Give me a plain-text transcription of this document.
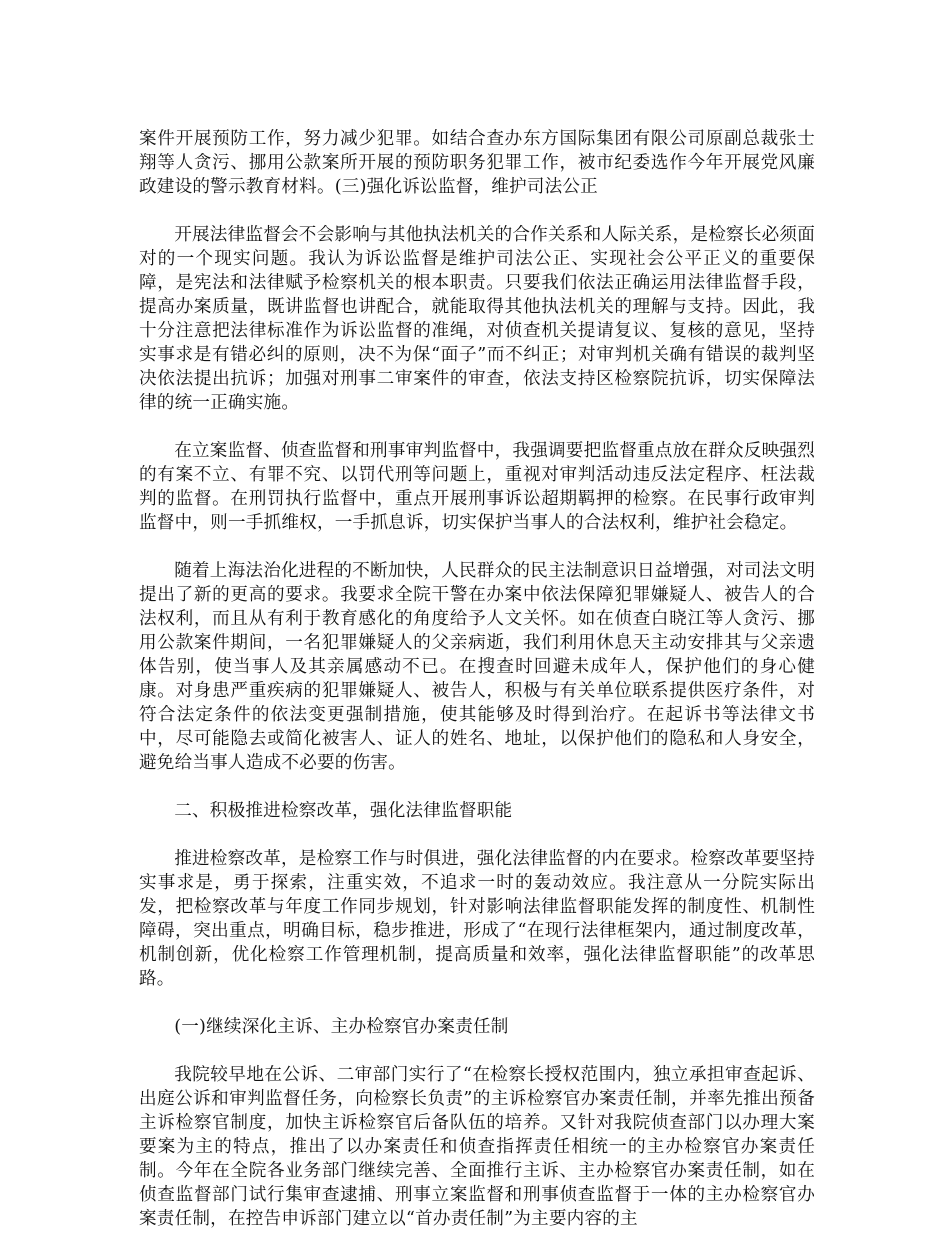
案件开展预防工作，努力减少犯罪。如结合查办东方国际集团有限公司原副总裁张士翔等人贪污、挪用公款案所开展的预防职务犯罪工作，被市纪委选作今年开展党风廉政建设的警示教育材料。(三)强化诉讼监督，维护司法公正

开展法律监督会不会影响与其他执法机关的合作关系和人际关系，是检察长必须面对的一个现实问题。我认为诉讼监督是维护司法公正、实现社会公平正义的重要保障，是宪法和法律赋予检察机关的根本职责。只要我们依法正确运用法律监督手段，提高办案质量，既讲监督也讲配合，就能取得其他执法机关的理解与支持。因此，我十分注意把法律标准作为诉讼监督的准绳，对侦查机关提请复议、复核的意见，坚持实事求是有错必纠的原则，决不为保“面子”而不纠正；对审判机关确有错误的裁判坚决依法提出抗诉；加强对刑事二审案件的审查，依法支持区检察院抗诉，切实保障法律的统一正确实施。

在立案监督、侦查监督和刑事审判监督中，我强调要把监督重点放在群众反映强烈的有案不立、有罪不究、以罚代刑等问题上，重视对审判活动违反法定程序、枉法裁判的监督。在刑罚执行监督中，重点开展刑事诉讼超期羁押的检察。在民事行政审判监督中，则一手抓维权，一手抓息诉，切实保护当事人的合法权利，维护社会稳定。

随着上海法治化进程的不断加快，人民群众的民主法制意识日益增强，对司法文明提出了新的更高的要求。我要求全院干警在办案中依法保障犯罪嫌疑人、被告人的合法权利，而且从有利于教育感化的角度给予人文关怀。如在侦查白晓江等人贪污、挪用公款案件期间，一名犯罪嫌疑人的父亲病逝，我们利用休息天主动安排其与父亲遗体告别，使当事人及其亲属感动不已。在搜查时回避未成年人，保护他们的身心健康。对身患严重疾病的犯罪嫌疑人、被告人，积极与有关单位联系提供医疗条件，对符合法定条件的依法变更强制措施，使其能够及时得到治疗。在起诉书等法律文书中，尽可能隐去或简化被害人、证人的姓名、地址，以保护他们的隐私和人身安全，避免给当事人造成不必要的伤害。

二、积极推进检察改革，强化法律监督职能

推进检察改革，是检察工作与时俱进，强化法律监督的内在要求。检察改革要坚持实事求是，勇于探索，注重实效，不追求一时的轰动效应。我注意从一分院实际出发，把检察改革与年度工作同步规划，针对影响法律监督职能发挥的制度性、机制性障碍，突出重点，明确目标，稳步推进，形成了“在现行法律框架内，通过制度改革，机制创新，优化检察工作管理机制，提高质量和效率，强化法律监督职能”的改革思路。

(一)继续深化主诉、主办检察官办案责任制

我院较早地在公诉、二审部门实行了“在检察长授权范围内，独立承担审查起诉、出庭公诉和审判监督任务，向检察长负责”的主诉检察官办案责任制，并率先推出预备主诉检察官制度，加快主诉检察官后备队伍的培养。又针对我院侦查部门以办理大案要案为主的特点，推出了以办案责任和侦查指挥责任相统一的主办检察官办案责任制。今年在全院各业务部门继续完善、全面推行主诉、主办检察官办案责任制，如在侦查监督部门试行集审查逮捕、刑事立案监督和刑事侦查监督于一体的主办检察官办案责任制，在控告申诉部门建立以“首办责任制”为主要内容的主
